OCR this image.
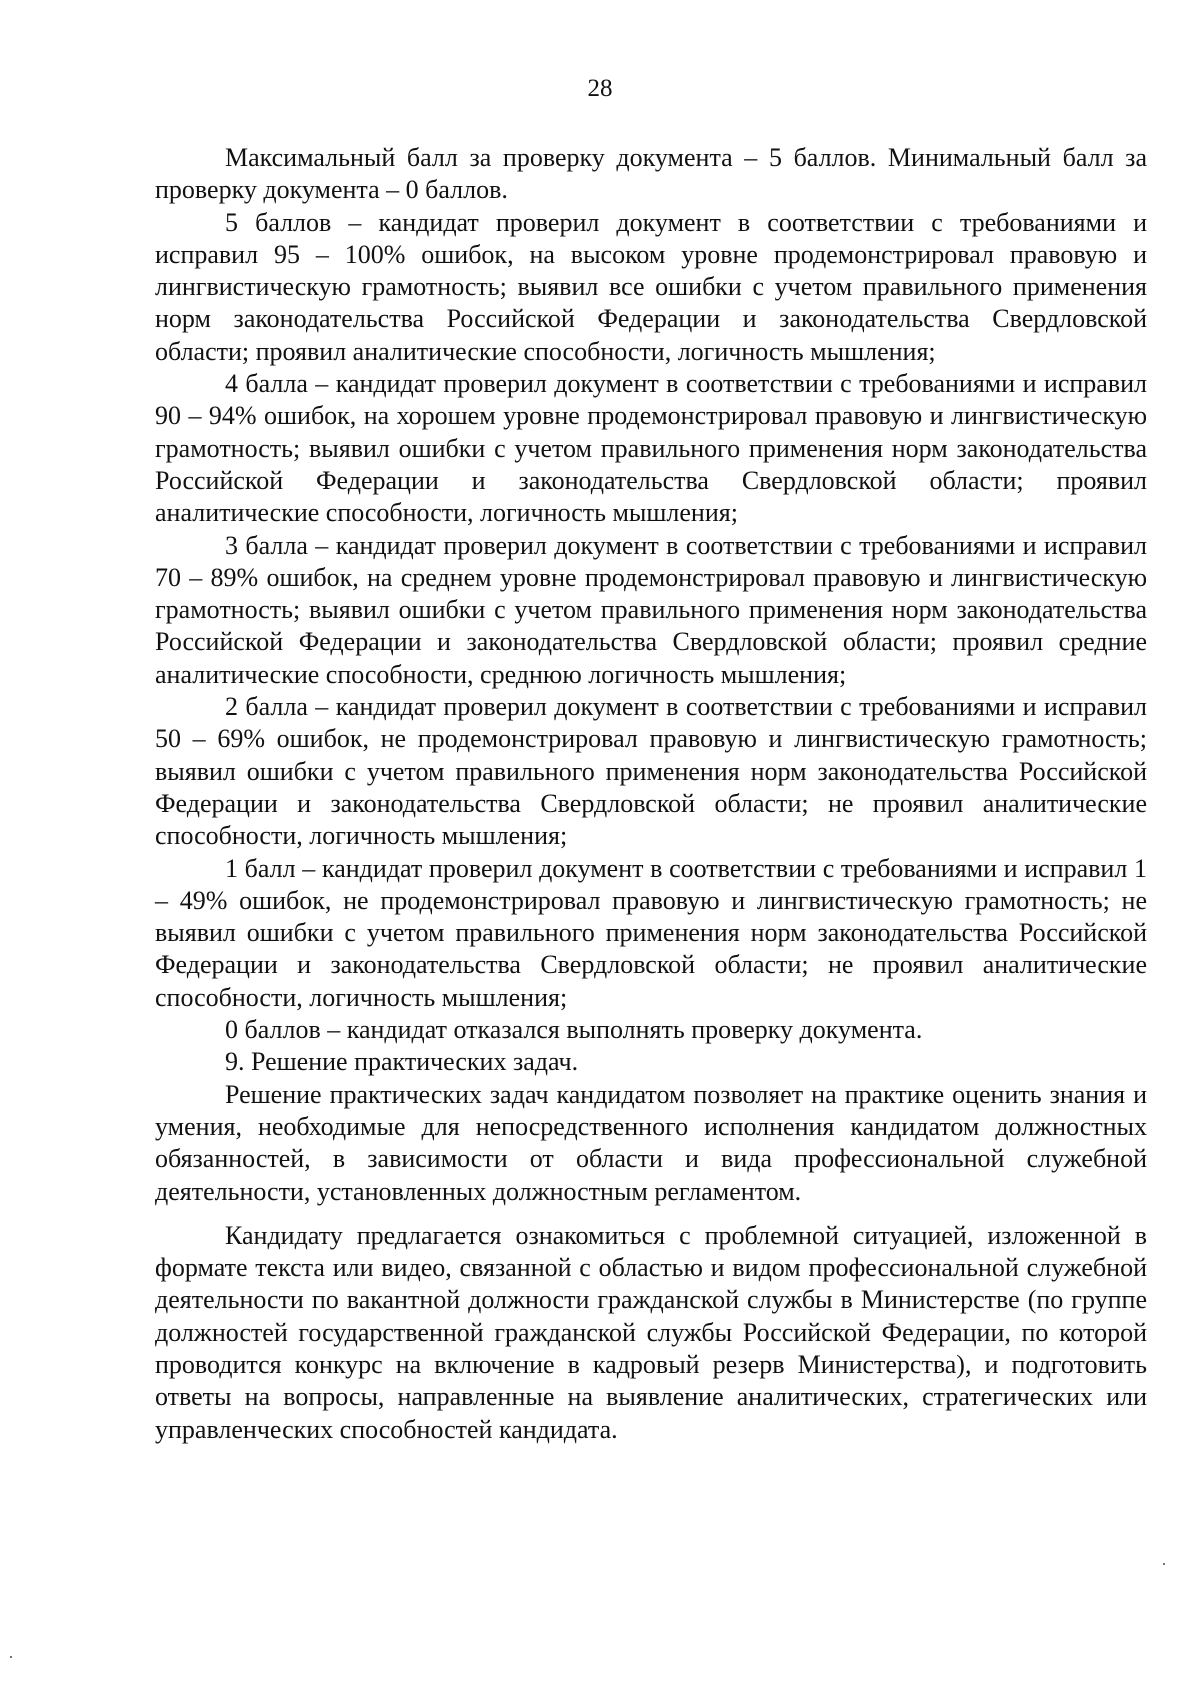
28

Максимальный балл за проверку документа – 5 баллов. Минимальный балл за проверку документа – 0 баллов.

5 баллов – кандидат проверил документ в соответствии с требованиями и исправил 95 – 100% ошибок, на высоком уровне продемонстрировал правовую и лингвистическую грамотность; выявил все ошибки с учетом правильного применения норм законодательства Российской Федерации и законодательства Свердловской области; проявил аналитические способности, логичность мышления;

4 балла – кандидат проверил документ в соответствии с требованиями и исправил 90 – 94% ошибок, на хорошем уровне продемонстрировал правовую и лингвистическую грамотность; выявил ошибки с учетом правильного применения норм законодательства Российской Федерации и законодательства Свердловской области; проявил аналитические способности, логичность мышления;

3 балла – кандидат проверил документ в соответствии с требованиями и исправил 70 – 89% ошибок, на среднем уровне продемонстрировал правовую и лингвистическую грамотность; выявил ошибки с учетом правильного применения норм законодательства Российской Федерации и законодательства Свердловской области; проявил средние аналитические способности, среднюю логичность мышления;

2 балла – кандидат проверил документ в соответствии с требованиями и исправил 50 – 69% ошибок, не продемонстрировал правовую и лингвистическую грамотность; выявил ошибки с учетом правильного применения норм законодательства Российской Федерации и законодательства Свердловской области; не проявил аналитические способности, логичность мышления;

1 балл – кандидат проверил документ в соответствии с требованиями и исправил 1 – 49% ошибок, не продемонстрировал правовую и лингвистическую грамотность; не выявил ошибки с учетом правильного применения норм законодательства Российской Федерации и законодательства Свердловской области; не проявил аналитические способности, логичность мышления;

0 баллов – кандидат отказался выполнять проверку документа.

9. Решение практических задач.

Решение практических задач кандидатом позволяет на практике оценить знания и умения, необходимые для непосредственного исполнения кандидатом должностных обязанностей, в зависимости от области и вида профессиональной служебной деятельности, установленных должностным регламентом.

Кандидату предлагается ознакомиться с проблемной ситуацией, изложенной в формате текста или видео, связанной с областью и видом профессиональной служебной деятельности по вакантной должности гражданской службы в Министерстве (по группе должностей государственной гражданской службы Российской Федерации, по которой проводится конкурс на включение в кадровый резерв Министерства), и подготовить ответы на вопросы, направленные на выявление аналитических, стратегических или управленческих способностей кандидата.
